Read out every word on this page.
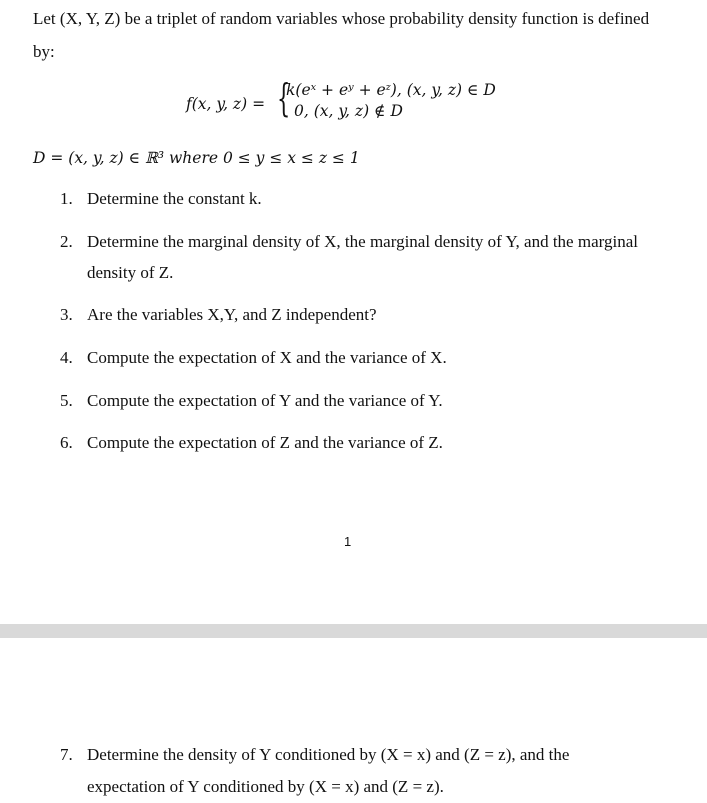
Let (X, Y, Z) be a triplet of random variables whose probability density function is defined
by:
f(x, y, z) = {
k(eˣ + eʸ + eᶻ), (x, y, z) ∈ D
0, (x, y, z) ∉ D
D = (x, y, z) ∈ ℝ³ where 0 ≤ y ≤ x ≤ z ≤ 1
1. Determine the constant k.
2. Determine the marginal density of X, the marginal density of Y, and the marginal
density of Z.
3. Are the variables X,Y, and Z independent?
4. Compute the expectation of X and the variance of X.
5. Compute the expectation of Y and the variance of Y.
6. Compute the expectation of Z and the variance of Z.
1
7. Determine the density of Y conditioned by (X = x) and (Z = z), and the
expectation of Y conditioned by (X = x) and (Z = z).
